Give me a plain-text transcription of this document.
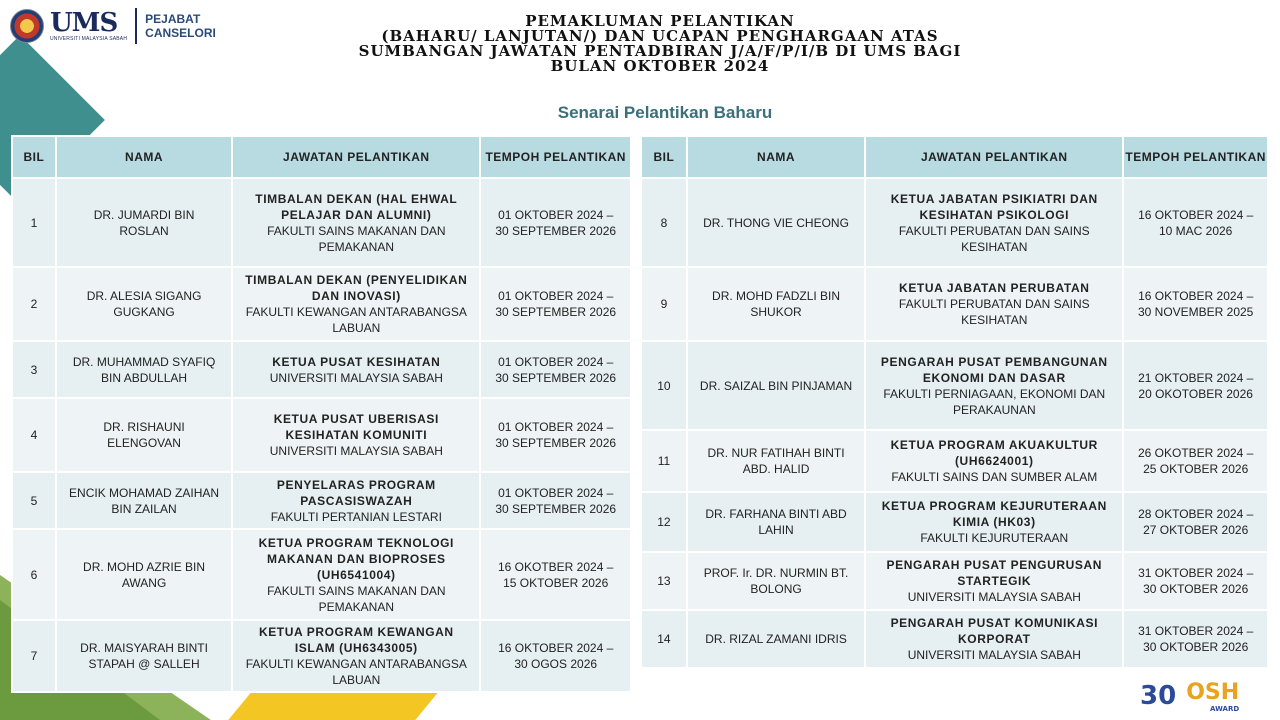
UMS
UNIVERSITI MALAYSIA SABAH
PEJABAT
CANSELORI
PEMAKLUMAN PELANTIKAN
(BAHARU/ LANJUTAN/) DAN UCAPAN PENGHARGAAN ATAS
SUMBANGAN JAWATAN PENTADBIRAN J/A/F/P/I/B DI UMS BAGI
BULAN OKTOBER 2024
Senarai Pelantikan Baharu
BIL	NAMA	JAWATAN PELANTIKAN	TEMPOH PELANTIKAN
1	DR. JUMARDI BIN ROSLAN	TIMBALAN DEKAN (HAL EHWAL PELAJAR DAN ALUMNI)
FAKULTI SAINS MAKANAN DAN PEMAKANAN	01 OKTOBER 2024 – 30 SEPTEMBER 2026
2	DR. ALESIA SIGANG GUGKANG	TIMBALAN DEKAN (PENYELIDIKAN DAN INOVASI)
FAKULTI KEWANGAN ANTARABANGSA LABUAN	01 OKTOBER 2024 – 30 SEPTEMBER 2026
3	DR. MUHAMMAD SYAFIQ BIN ABDULLAH	KETUA PUSAT KESIHATAN
UNIVERSITI MALAYSIA SABAH	01 OKTOBER 2024 – 30 SEPTEMBER 2026
4	DR. RISHAUNI ELENGOVAN	KETUA PUSAT UBERISASI KESIHATAN KOMUNITI
UNIVERSITI MALAYSIA SABAH	01 OKTOBER 2024 – 30 SEPTEMBER 2026
5	ENCIK MOHAMAD ZAIHAN BIN ZAILAN	PENYELARAS PROGRAM PASCASISWAZAH
FAKULTI PERTANIAN LESTARI	01 OKTOBER 2024 – 30 SEPTEMBER 2026
6	DR. MOHD AZRIE BIN AWANG	KETUA PROGRAM TEKNOLOGI MAKANAN DAN BIOPROSES (UH6541004)
FAKULTI SAINS MAKANAN DAN PEMAKANAN	16 OKOTBER 2024 – 15 OKTOBER 2026
7	DR. MAISYARAH BINTI STAPAH @ SALLEH	KETUA PROGRAM KEWANGAN ISLAM (UH6343005)
FAKULTI KEWANGAN ANTARABANGSA LABUAN	16 OKTOBER 2024 – 30 OGOS 2026
BIL	NAMA	JAWATAN PELANTIKAN	TEMPOH PELANTIKAN
8	DR. THONG VIE CHEONG	KETUA JABATAN PSIKIATRI DAN KESIHATAN PSIKOLOGI
FAKULTI PERUBATAN DAN SAINS KESIHATAN	16 OKTOBER 2024 – 10 MAC 2026
9	DR. MOHD FADZLI BIN SHUKOR	KETUA JABATAN PERUBATAN
FAKULTI PERUBATAN DAN SAINS KESIHATAN	16 OKTOBER 2024 – 30 NOVEMBER 2025
10	DR. SAIZAL BIN PINJAMAN	PENGARAH PUSAT PEMBANGUNAN EKONOMI DAN DASAR
FAKULTI PERNIAGAAN, EKONOMI DAN PERAKAUNAN	21 OKTOBER 2024 – 20 OKOTOBER 2026
11	DR. NUR FATIHAH BINTI ABD. HALID	KETUA PROGRAM AKUAKULTUR (UH6624001)
FAKULTI SAINS DAN SUMBER ALAM	26 OKOTBER 2024 – 25 OKTOBER 2026
12	DR. FARHANA BINTI ABD LAHIN	KETUA PROGRAM KEJURUTERAAN KIMIA (HK03)
FAKULTI KEJURUTERAAN	28 OKTOBER 2024 – 27 OKTOBER 2026
13	PROF. Ir. DR. NURMIN BT. BOLONG	PENGARAH PUSAT PENGURUSAN STARTEGIK
UNIVERSITI MALAYSIA SABAH	31 OKTOBER 2024 – 30 OKTOBER 2026
14	DR. RIZAL ZAMANI IDRIS	PENGARAH PUSAT KOMUNIKASI KORPORAT
UNIVERSITI MALAYSIA SABAH	31 OKTOBER 2024 – 30 OKTOBER 2026
30 OSH
AWARD
